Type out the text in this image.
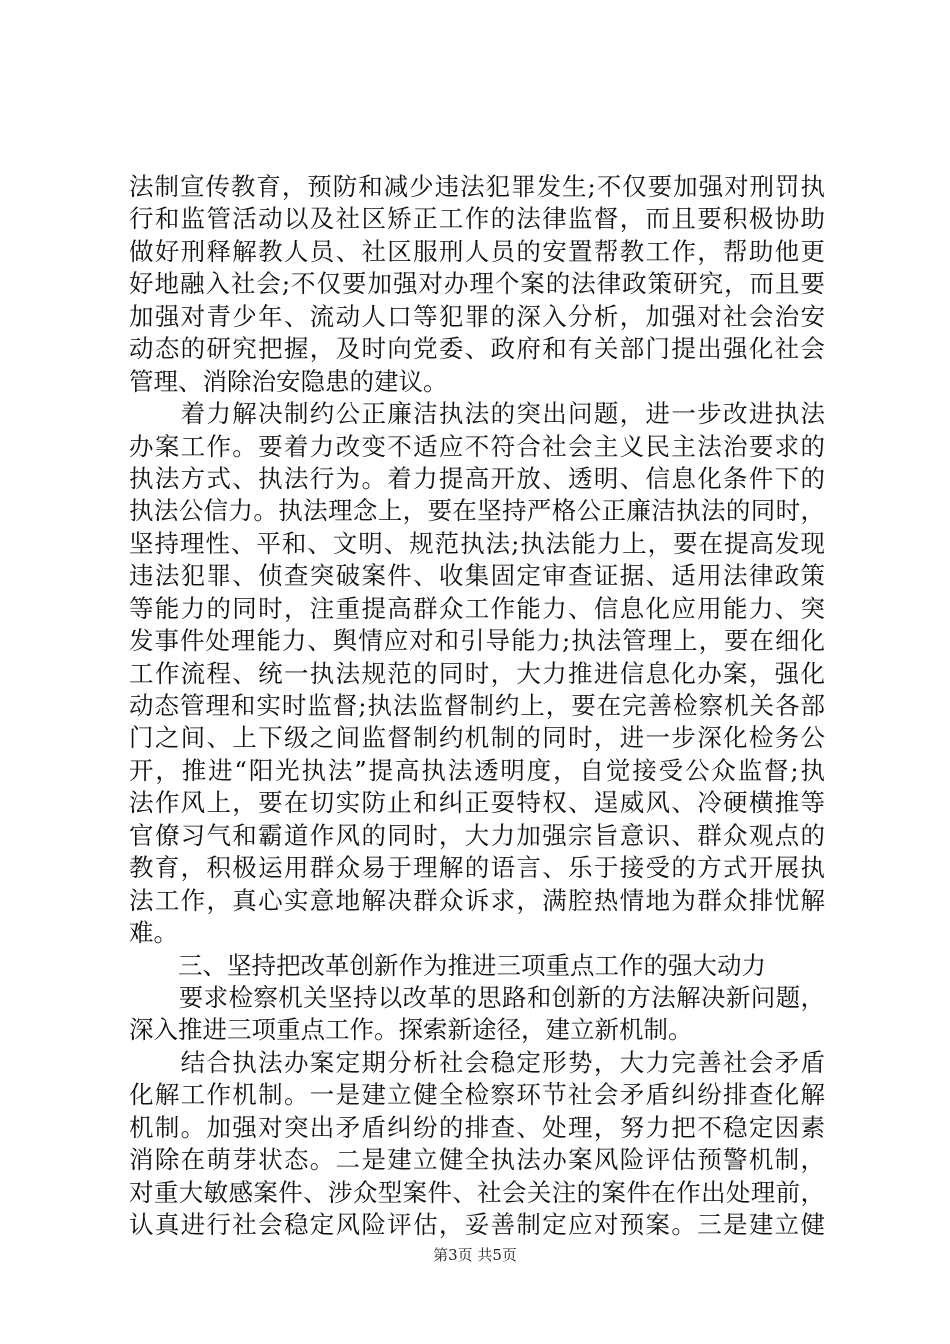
法制宣传教育，预防和减少违法犯罪发生;不仅要加强对刑罚执
行和监管活动以及社区矫正工作的法律监督，而且要积极协助
做好刑释解教人员、社区服刑人员的安置帮教工作，帮助他更
好地融入社会;不仅要加强对办理个案的法律政策研究，而且要
加强对青少年、流动人口等犯罪的深入分析，加强对社会治安
动态的研究把握，及时向党委、政府和有关部门提出强化社会
管理、消除治安隐患的建议。
　　着力解决制约公正廉洁执法的突出问题，进一步改进执法
办案工作。要着力改变不适应不符合社会主义民主法治要求的
执法方式、执法行为。着力提高开放、透明、信息化条件下的
执法公信力。执法理念上，要在坚持严格公正廉洁执法的同时，
坚持理性、平和、文明、规范执法;执法能力上，要在提高发现
违法犯罪、侦查突破案件、收集固定审查证据、适用法律政策
等能力的同时，注重提高群众工作能力、信息化应用能力、突
发事件处理能力、舆情应对和引导能力;执法管理上，要在细化
工作流程、统一执法规范的同时，大力推进信息化办案，强化
动态管理和实时监督;执法监督制约上，要在完善检察机关各部
门之间、上下级之间监督制约机制的同时，进一步深化检务公
开，推进“阳光执法”提高执法透明度，自觉接受公众监督;执
法作风上，要在切实防止和纠正耍特权、逞威风、冷硬横推等
官僚习气和霸道作风的同时，大力加强宗旨意识、群众观点的
教育，积极运用群众易于理解的语言、乐于接受的方式开展执
法工作，真心实意地解决群众诉求，满腔热情地为群众排忧解
难。
　　三、坚持把改革创新作为推进三项重点工作的强大动力
　　要求检察机关坚持以改革的思路和创新的方法解决新问题，
深入推进三项重点工作。探索新途径，建立新机制。
　　结合执法办案定期分析社会稳定形势，大力完善社会矛盾
化解工作机制。一是建立健全检察环节社会矛盾纠纷排查化解
机制。加强对突出矛盾纠纷的排查、处理，努力把不稳定因素
消除在萌芽状态。二是建立健全执法办案风险评估预警机制，
对重大敏感案件、涉众型案件、社会关注的案件在作出处理前，
认真进行社会稳定风险评估，妥善制定应对预案。三是建立健
第3页 共5页
